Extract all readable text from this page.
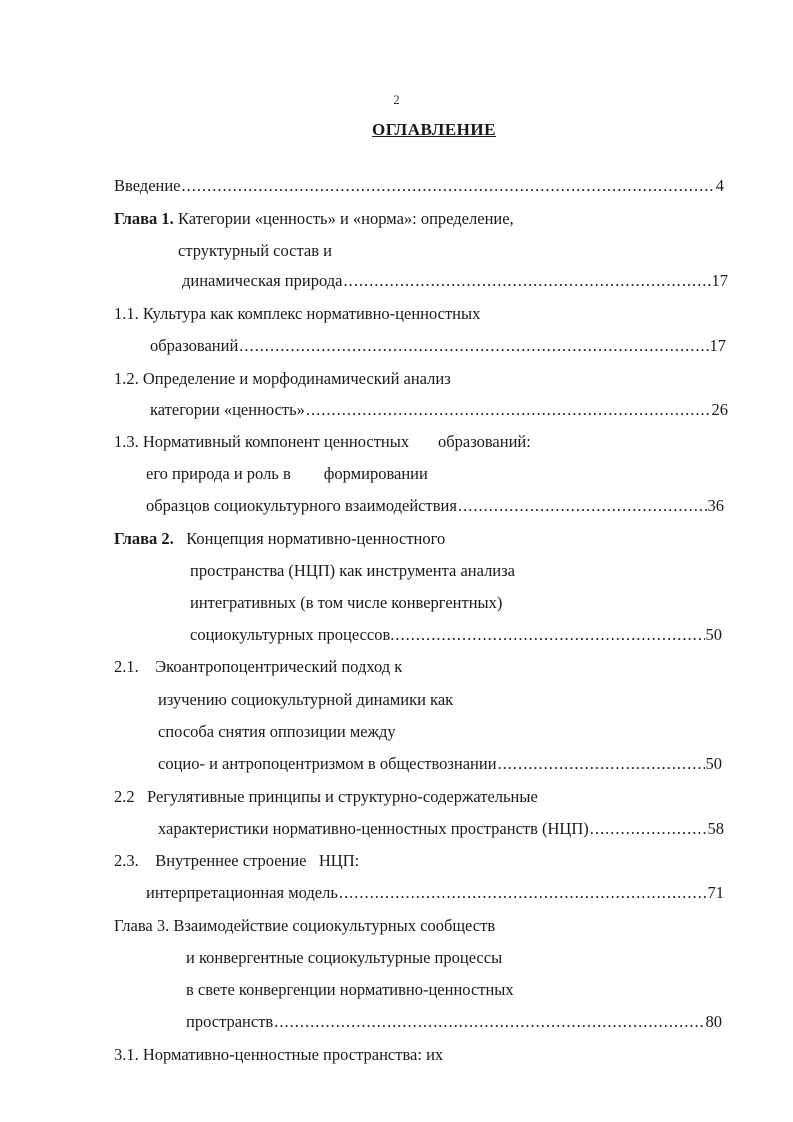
2
ОГЛАВЛЕНИЕ
Введение .....	4
Глава 1. Категории «ценность» и «норма»: определение,
структурный состав и
динамическая природа .....	17
1.1. Культура как комплекс нормативно-ценностных
образований .....	17
1.2. Определение и морфодинамический анализ
категории «ценность» .....	26
1.3. Нормативный компонент ценностных       образований:
его природа и роль в        формировании
образцов социокультурного взаимодействия .....	36
Глава 2. Концепция нормативно-ценностного
пространства (НЦП) как инструмента анализа
интегративных (в том числе конвергентных)
социокультурных процессов. .....	50
2.1.    Экоантропоцентрический подход к
изучению социокультурной динамики как
способа снятия оппозиции между
социо- и антропоцентризмом в обществознании .....	50
2.2   Регулятивные принципы и структурно-содержательные
характеристики нормативно-ценностных пространств (НЦП) .....	58
2.3.    Внутреннее строение   НЦП:
интерпретационная модель .....	71
Глава 3. Взаимодействие социокультурных сообществ
и конвергентные социокультурные процессы
в свете конвергенции нормативно-ценностных
пространств .....	80
3.1. Нормативно-ценностные пространства: их
